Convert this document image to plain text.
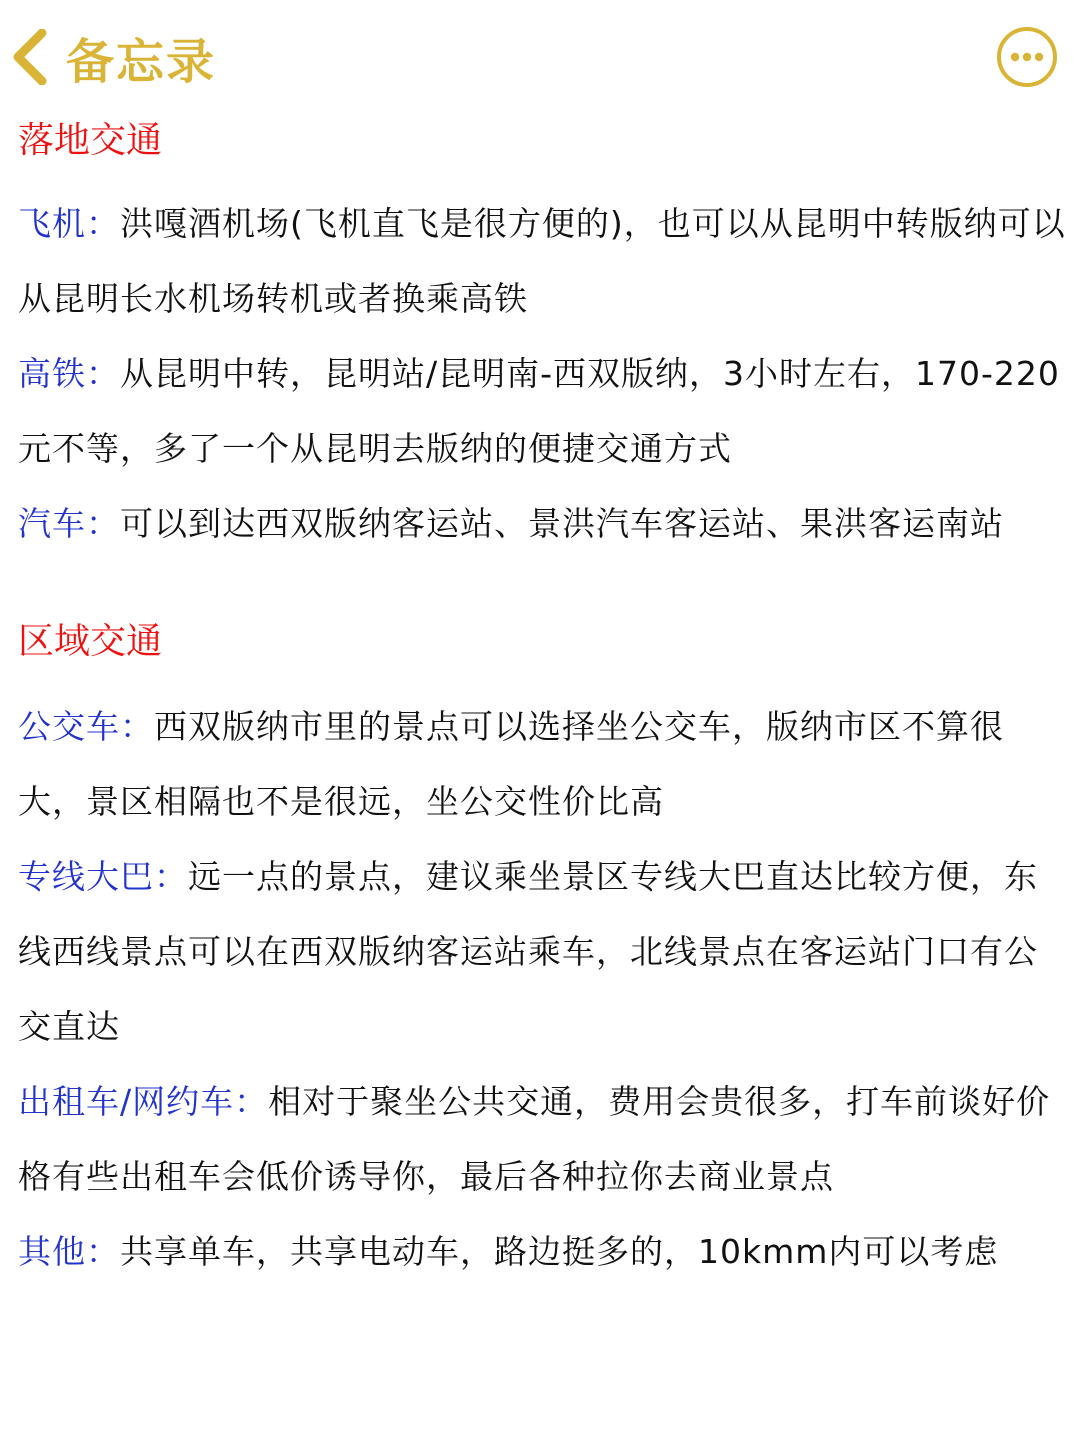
备忘录
落地交通

飞机：洪嘎酒机场(飞机直飞是很方便的)，也可以从昆明中转版纳可以从昆明长水机场转机或者换乘高铁

高铁：从昆明中转，昆明站/昆明南-西双版纳，3小时左右，170-220元不等，多了一个从昆明去版纳的便捷交通方式

汽车：可以到达西双版纳客运站、景洪汽车客运站、果洪客运南站

区域交通

公交车：西双版纳市里的景点可以选择坐公交车，版纳市区不算很大，景区相隔也不是很远，坐公交性价比高

专线大巴：远一点的景点，建议乘坐景区专线大巴直达比较方便，东线西线景点可以在西双版纳客运站乘车，北线景点在客运站门口有公交直达

出租车/网约车：相对于聚坐公共交通，费用会贵很多，打车前谈好价格有些出租车会低价诱导你，最后各种拉你去商业景点

其他：共享单车，共享电动车，路边挺多的，10kmm内可以考虑
